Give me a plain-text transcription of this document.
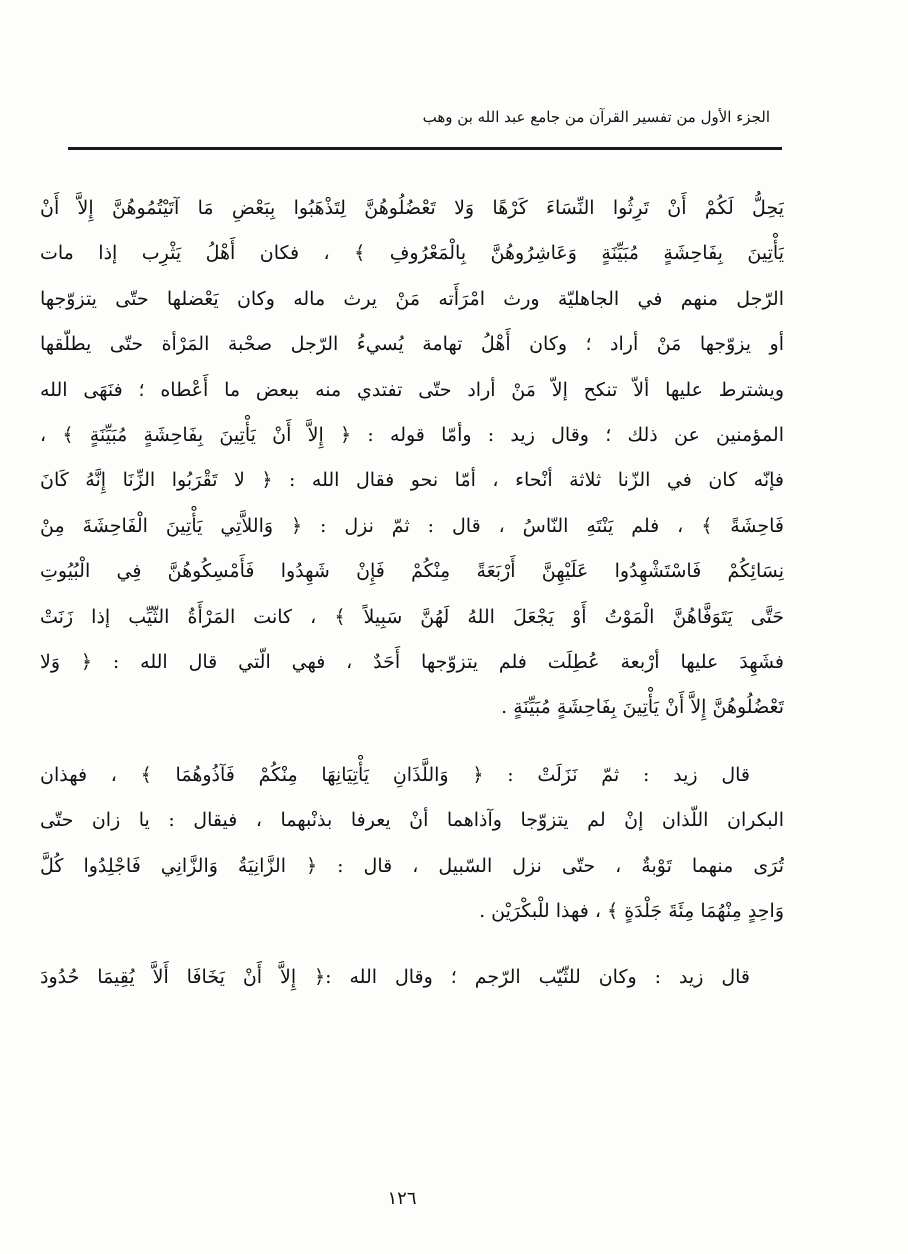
الجزء الأول من تفسير القرآن من جامع عبد الله بن وهب

يَحِلُّ لَكُمْ أَنْ تَرِثُوا النِّسَاءَ كَرْهًا وَلا تَعْضُلُوهُنَّ لِتَذْهَبُوا بِبَعْضِ مَا آتَيْتُمُوهُنَّ إِلاَّ أَنْ
يَأْتِينَ بِفَاحِشَةٍ مُبَيِّنَةٍ وَعَاشِرُوهُنَّ بِالْمَعْرُوفِ ﴾ ، فكان أَهْلُ يَثْرِب إذا مات
الرّجل منهم في الجاهليّة ورث امْرَأَته مَنْ يرث ماله وكان يَعْضلها حتّى يتزوّجها
أو يزوّجها مَنْ أراد ؛ وكان أَهْلُ تهامة يُسيءُ الرّجل صحْبة المَرْأة حتّى يطلّقها
ويشترط عليها ألاّ تنكح إلاّ مَنْ أراد حتّى تفتدي منه ببعض ما أَعْطاه ؛ فنَهَى الله
المؤمنين عن ذلك ؛ وقال زيد : وأمّا قوله : ﴿ إِلاَّ أَنْ يَأْتِينَ بِفَاحِشَةٍ مُبَيِّنَةٍ ﴾ ،
فإنّه كان في الزّنا ثلاثة أنْحاء ، أمّا نحو فقال الله : ﴿ لا تَقْرَبُوا الزِّنَا إِنَّهُ كَانَ
فَاحِشَةً ﴾ ، فلم يَنْتَهِ النّاسُ ، قال : ثمّ نزل : ﴿ وَاللاَّتِي يَأْتِينَ الْفَاحِشَةَ مِنْ
نِسَائِكُمْ فَاسْتَشْهِدُوا عَلَيْهِنَّ أَرْبَعَةً مِنْكُمْ فَإِنْ شَهِدُوا فَأَمْسِكُوهُنَّ فِي الْبُيُوتِ
حَتَّى يَتَوَفَّاهُنَّ الْمَوْتُ أَوْ يَجْعَلَ اللهُ لَهُنَّ سَبِيلاً ﴾ ، كانت المَرْأَةُ الثّيِّب إذا زَنَتْ
فشَهِدَ عليها أرْبعة عُطِلَت فلم يتزوّجها أَحَدٌ ، فهي الّتي قال الله : ﴿ وَلا
تَعْضُلُوهُنَّ إِلاَّ أَنْ يَأْتِينَ بِفَاحِشَةٍ مُبَيِّنَةٍ .

قال زيد : ثمّ نَزَلَتْ : ﴿ وَاللَّذَانِ يَأْتِيَانِهَا مِنْكُمْ فَآذُوهُمَا ﴾ ، فهذان
البكران اللّذان إنْ لم يتزوّجا وآذاهما أنْ يعرفا بذنْبهما ، فيقال : يا زان حتّى
تُرَى منهما تَوْبةٌ ، حتّى نزل السّبيل ، قال : ﴿ الزَّانِيَةُ وَالزَّانِي فَاجْلِدُوا كُلَّ
وَاحِدٍ مِنْهُمَا مِئَةَ جَلْدَةٍ ﴾ ، فهذا للْبكْرَيْن .

قال زيد : وكان للثّيّب الرّجم ؛ وقال الله :﴿ إِلاَّ أَنْ يَخَافَا أَلاَّ يُقِيمَا حُدُودَ

١٢٦
